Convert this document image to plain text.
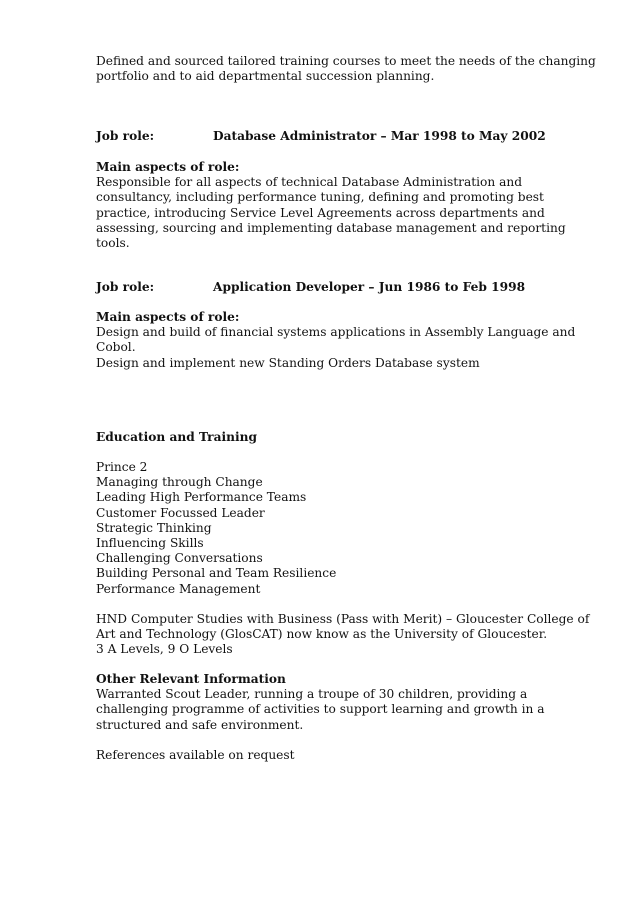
Defined and sourced tailored training courses to meet the needs of the changing
portfolio and to aid departmental succession planning.
Job role:	Database Administrator – Mar 1998 to May 2002
Main aspects of role:
Responsible for all aspects of technical Database Administration and
consultancy, including performance tuning, defining and promoting best
practice, introducing Service Level Agreements across departments and
assessing, sourcing and implementing database management and reporting
tools.
Job role:	Application Developer – Jun 1986 to Feb 1998
Main aspects of role:
Design and build of financial systems applications in Assembly Language and
Cobol.
Design and implement new Standing Orders Database system
Education and Training
Prince 2
Managing through Change
Leading High Performance Teams
Customer Focussed Leader
Strategic Thinking
Influencing Skills
Challenging Conversations
Building Personal and Team Resilience
Performance Management
HND Computer Studies with Business (Pass with Merit) – Gloucester College of
Art and Technology (GlosCAT) now know as the University of Gloucester.
3 A Levels, 9 O Levels
Other Relevant Information
Warranted Scout Leader, running a troupe of 30 children, providing a
challenging programme of activities to support learning and growth in a
structured and safe environment.
References available on request
